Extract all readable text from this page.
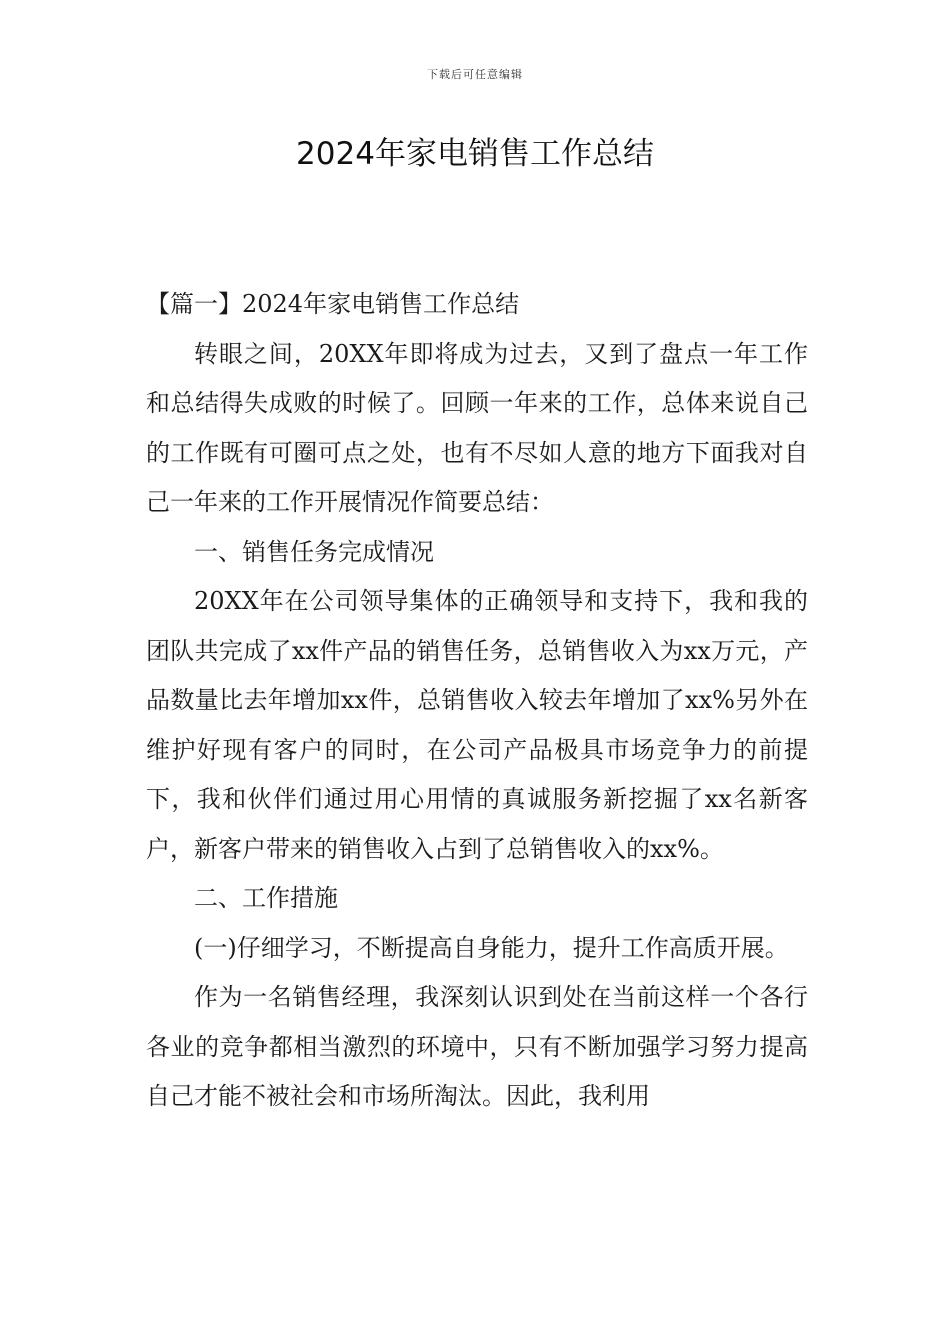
下载后可任意编辑
2024年家电销售工作总结

【篇一】2024年家电销售工作总结

转眼之间，20XX年即将成为过去，又到了盘点一年工作和总结得失成败的时候了。回顾一年来的工作，总体来说自己的工作既有可圈可点之处，也有不尽如人意的地方下面我对自己一年来的工作开展情况作简要总结：

一、销售任务完成情况

20XX年在公司领导集体的正确领导和支持下，我和我的团队共完成了xx件产品的销售任务，总销售收入为xx万元，产品数量比去年增加xx件，总销售收入较去年增加了xx%另外在维护好现有客户的同时，在公司产品极具市场竞争力的前提下，我和伙伴们通过用心用情的真诚服务新挖掘了xx名新客户，新客户带来的销售收入占到了总销售收入的xx%。

二、工作措施

(一)仔细学习，不断提高自身能力，提升工作高质开展。

作为一名销售经理，我深刻认识到处在当前这样一个各行各业的竞争都相当激烈的环境中，只有不断加强学习努力提高自己才能不被社会和市场所淘汰。因此，我利用
